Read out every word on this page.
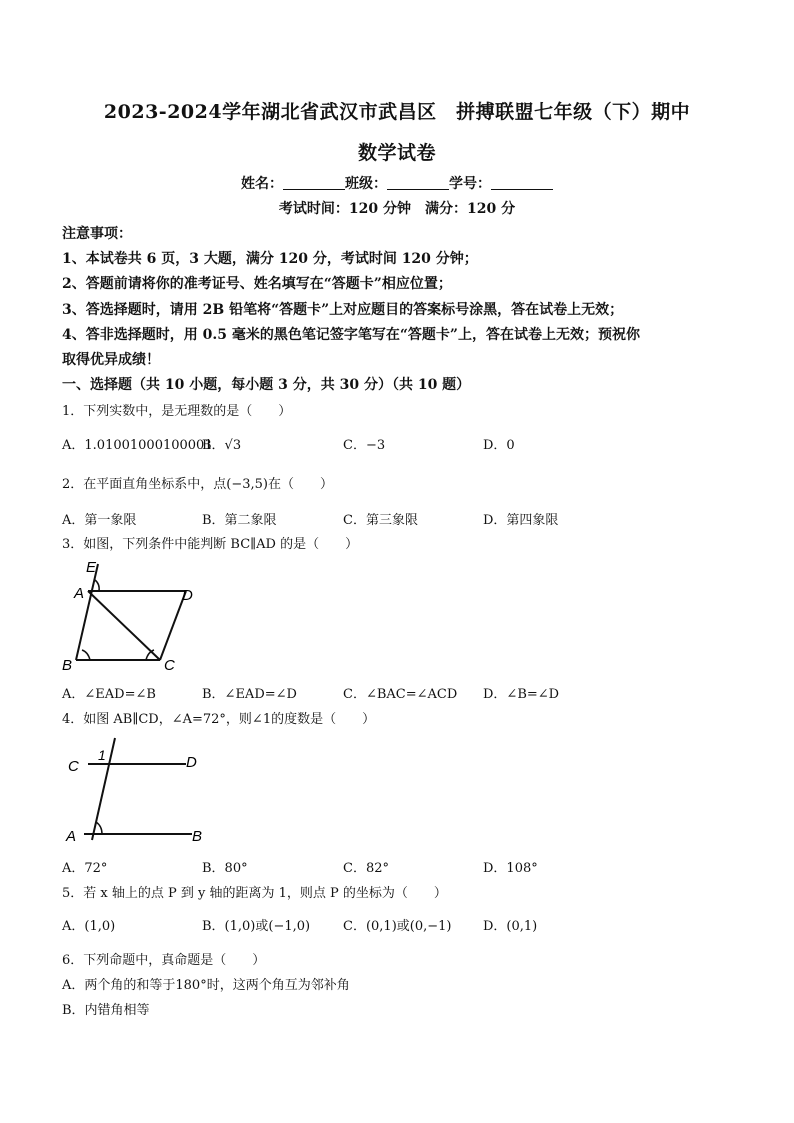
2023-2024学年湖北省武汉市武昌区　拼搏联盟七年级（下）期中
数学试卷
姓名：	班级：	学号：
考试时间：120 分钟　满分：120 分
注意事项：
1、本试卷共 6 页，3 大题，满分 120 分，考试时间 120 分钟；
2、答题前请将你的准考证号、姓名填写在“答题卡”相应位置；
3、答选择题时，请用 2B 铅笔将“答题卡”上对应题目的答案标号涂黑，答在试卷上无效；
4、答非选择题时，用 0.5 毫米的黑色笔记签字笔写在“答题卡”上，答在试卷上无效；预祝你
取得优异成绩！
一、选择题（共 10 小题，每小题 3 分，共 30 分）（共 10 题）
1．下列实数中，是无理数的是（　　）
A．1.01001000100001
B．√3	C．−3	D．0
2．在平面直角坐标系中，点(−3,5)在（　　）
A．第一象限	B．第二象限	C．第三象限	D．第四象限
3．如图，下列条件中能判断 BC∥AD 的是（　　）
E
A	D
B	C
A．∠EAD=∠B	B．∠EAD=∠D	C．∠BAC=∠ACD D．∠B=∠D
4．如图 AB∥CD，∠A=72°，则∠1的度数是（　　）
C
1	D
A	B
A．72°	B．80°	C．82°	D．108°
5．若 x 轴上的点 P 到 y 轴的距离为 1，则点 P 的坐标为（　　）
A．(1,0)	B．(1,0)或(−1,0)	C．(0,1)或(0,−1) D．(0,1)
6．下列命题中，真命题是（　　）
A．两个角的和等于180°时，这两个角互为邻补角
B．内错角相等
